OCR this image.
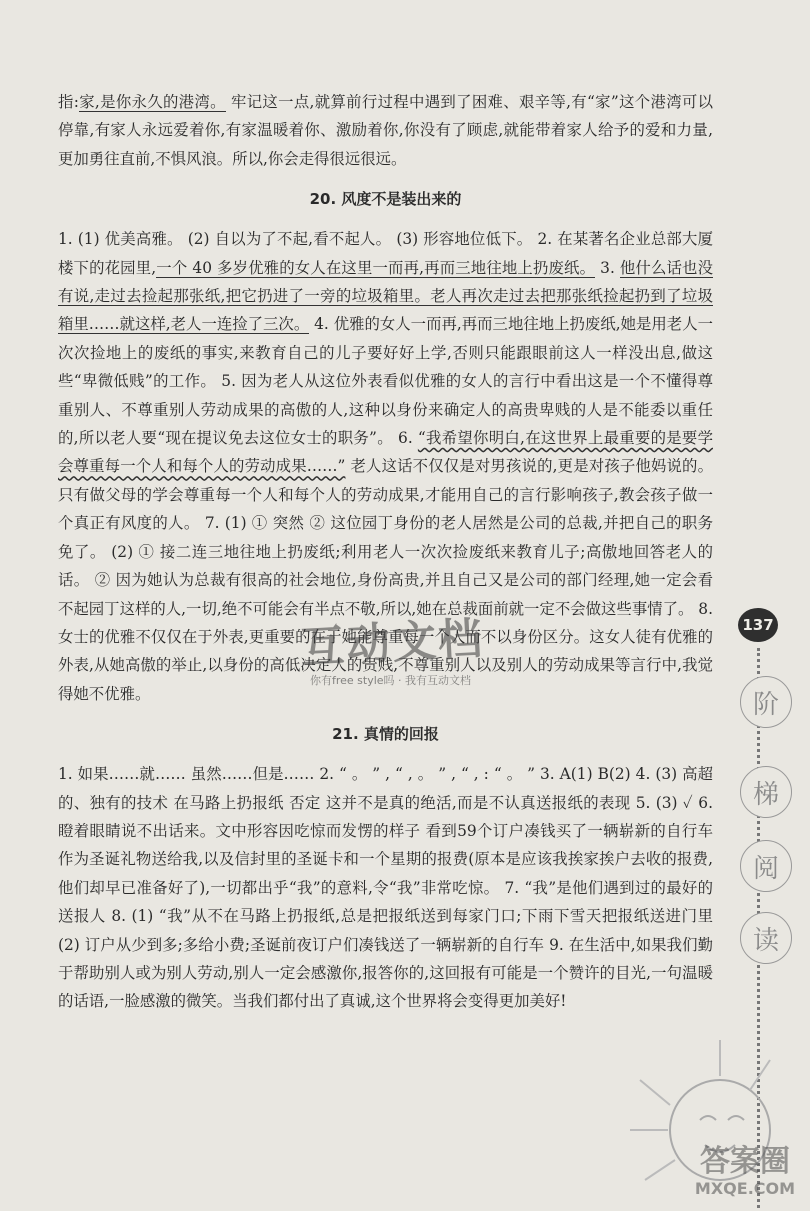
指:家,是你永久的港湾。 牢记这一点,就算前行过程中遇到了困难、艰辛等,有“家”这个港湾可以停靠,有家人永远爱着你,有家温暖着你、激励着你,你没有了顾虑,就能带着家人给予的爱和力量,更加勇往直前,不惧风浪。所以,你会走得很远很远。

20. 风度不是装出来的

1. (1) 优美高雅。 (2) 自以为了不起,看不起人。 (3) 形容地位低下。 2. 在某著名企业总部大厦楼下的花园里,一个 40 多岁优雅的女人在这里一而再,再而三地往地上扔废纸。 3. 他什么话也没有说,走过去捡起那张纸,把它扔进了一旁的垃圾箱里。老人再次走过去把那张纸捡起扔到了垃圾箱里……就这样,老人一连捡了三次。 4. 优雅的女人一而再,再而三地往地上扔废纸,她是用老人一次次捡地上的废纸的事实,来教育自己的儿子要好好上学,否则只能跟眼前这人一样没出息,做这些“卑微低贱”的工作。 5. 因为老人从这位外表看似优雅的女人的言行中看出这是一个不懂得尊重别人、不尊重别人劳动成果的高傲的人,这种以身份来确定人的高贵卑贱的人是不能委以重任的,所以老人要“现在提议免去这位女士的职务”。 6. “我希望你明白,在这世界上最重要的是要学会尊重每一个人和每个人的劳动成果……” 老人这话不仅仅是对男孩说的,更是对孩子他妈说的。只有做父母的学会尊重每一个人和每个人的劳动成果,才能用自己的言行影响孩子,教会孩子做一个真正有风度的人。 7. (1) ① 突然 ② 这位园丁身份的老人居然是公司的总裁,并把自己的职务免了。 (2) ① 接二连三地往地上扔废纸;利用老人一次次捡废纸来教育儿子;高傲地回答老人的话。 ② 因为她认为总裁有很高的社会地位,身份高贵,并且自己又是公司的部门经理,她一定会看不起园丁这样的人,一切,绝不可能会有半点不敬,所以,她在总裁面前就一定不会做这些事情了。 8. 女士的优雅不仅仅在于外表,更重要的在于她能尊重每一个人而不以身份区分。这女人徒有优雅的外表,从她高傲的举止,以身份的高低决定人的贵贱,不尊重别人以及别人的劳动成果等言行中,我觉得她不优雅。

21. 真情的回报

1. 如果……就…… 虽然……但是…… 2. “ 。 ” , “ , 。 ” , “ , : “ 。 ” 3. A(1) B(2) 4. (3) 高超的、独有的技术 在马路上扔报纸 否定 这并不是真的绝活,而是不认真送报纸的表现 5. (3) ✓ 6. 瞪着眼睛说不出话来。文中形容因吃惊而发愣的样子 看到59个订户凑钱买了一辆崭新的自行车作为圣诞礼物送给我,以及信封里的圣诞卡和一个星期的报费(原本是应该我挨家挨户去收的报费,他们却早已准备好了),一切都出乎“我”的意料,令“我”非常吃惊。 7. “我”是他们遇到过的最好的送报人 8. (1) “我”从不在马路上扔报纸,总是把报纸送到每家门口;下雨下雪天把报纸送进门里 (2) 订户从少到多;多给小费;圣诞前夜订户们凑钱送了一辆崭新的自行车 9. 在生活中,如果我们勤于帮助别人或为别人劳动,别人一定会感激你,报答你的,这回报有可能是一个赞许的目光,一句温暖的话语,一脸感激的微笑。当我们都付出了真诚,这个世界将会变得更加美好!

互动文档
你有free style吗 · 我有互动文档
137
阶
梯
阅
读
答案圈
MXQE.COM
